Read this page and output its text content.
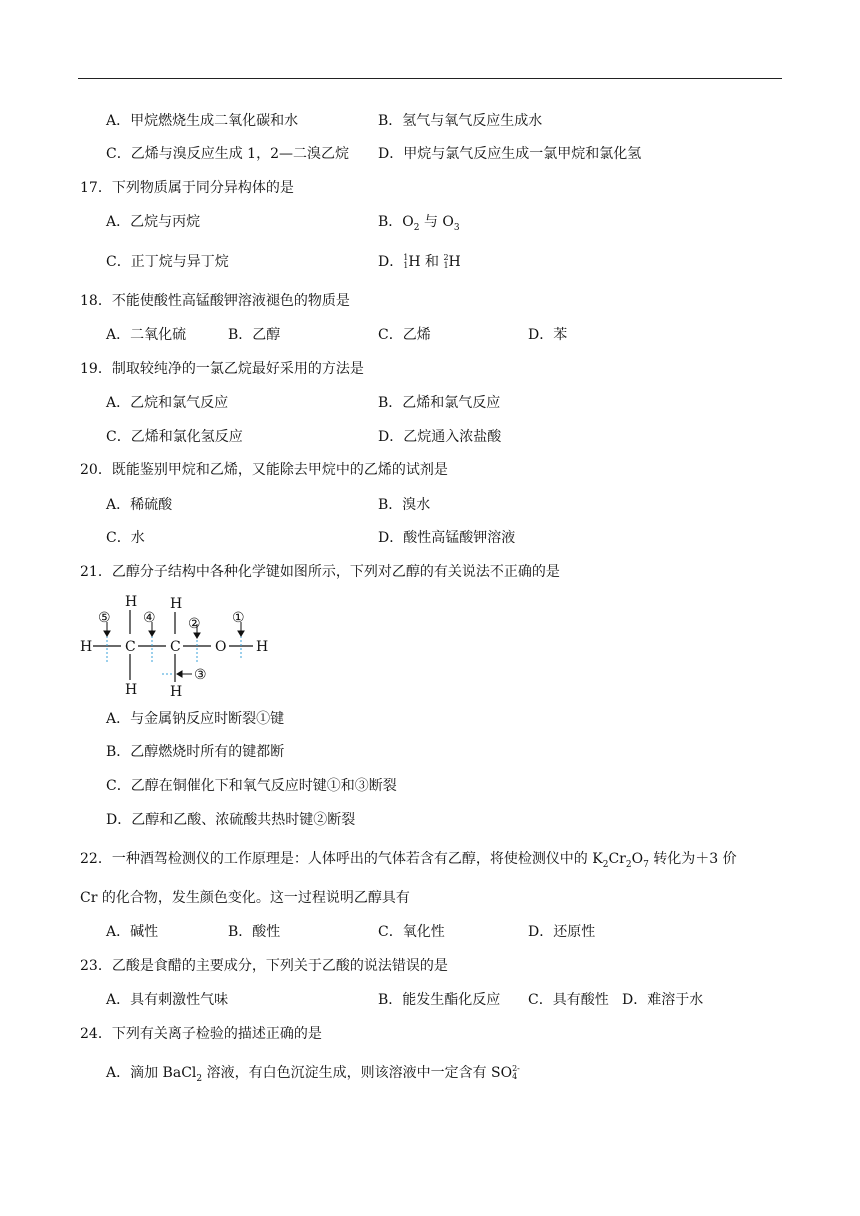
A．甲烷燃烧生成二氧化碳和水	B．氢气与氧气反应生成水
C．乙烯与溴反应生成 1，2—二溴乙烷 D．甲烷与氯气反应生成一氯甲烷和氯化氢
17．下列物质属于同分异构体的是
A．乙烷与丙烷	B．$O_2$ 与 $O_3$
C．正丁烷与异丁烷	D．1
1H 和 2
1H
18．不能使酸性高锰酸钾溶液褪色的物质是
A．二氧化硫	B．乙醇	C．乙烯	D．苯
19．制取较纯净的一氯乙烷最好采用的方法是
A．乙烷和氯气反应	B．乙烯和氯气反应
C．乙烯和氯化氢反应	D．乙烷通入浓盐酸
20．既能鉴别甲烷和乙烯，又能除去甲烷中的乙烯的试剂是
A．稀硫酸	B．溴水
C．水	D．酸性高锰酸钾溶液
21．乙醇分子结构中各种化学键如图所示，下列对乙醇的有关说法不正确的是
H C C O H
H H
H H
⑤ ④ ② ①
③
A．与金属钠反应时断裂①键
B．乙醇燃烧时所有的键都断
C．乙醇在铜催化下和氧气反应时键①和③断裂
D．乙醇和乙酸、浓硫酸共热时键②断裂
22．一种酒驾检测仪的工作原理是：人体呼出的气体若含有乙醇，将使检测仪中的 $K_2Cr_2O_7$ 转化为＋3 价
Cr 的化合物，发生颜色变化。这一过程说明乙醇具有
A．碱性	B．酸性	C．氧化性	D．还原性
23．乙酸是食醋的主要成分，下列关于乙酸的说法错误的是
A．具有刺激性气味	B．能发生酯化反应 C．具有酸性 D．难溶于水
24．下列有关离子检验的描述正确的是
A．滴加 BaCl$_2$ 溶液，有白色沉淀生成，则该溶液中一定含有 SO2-
4
